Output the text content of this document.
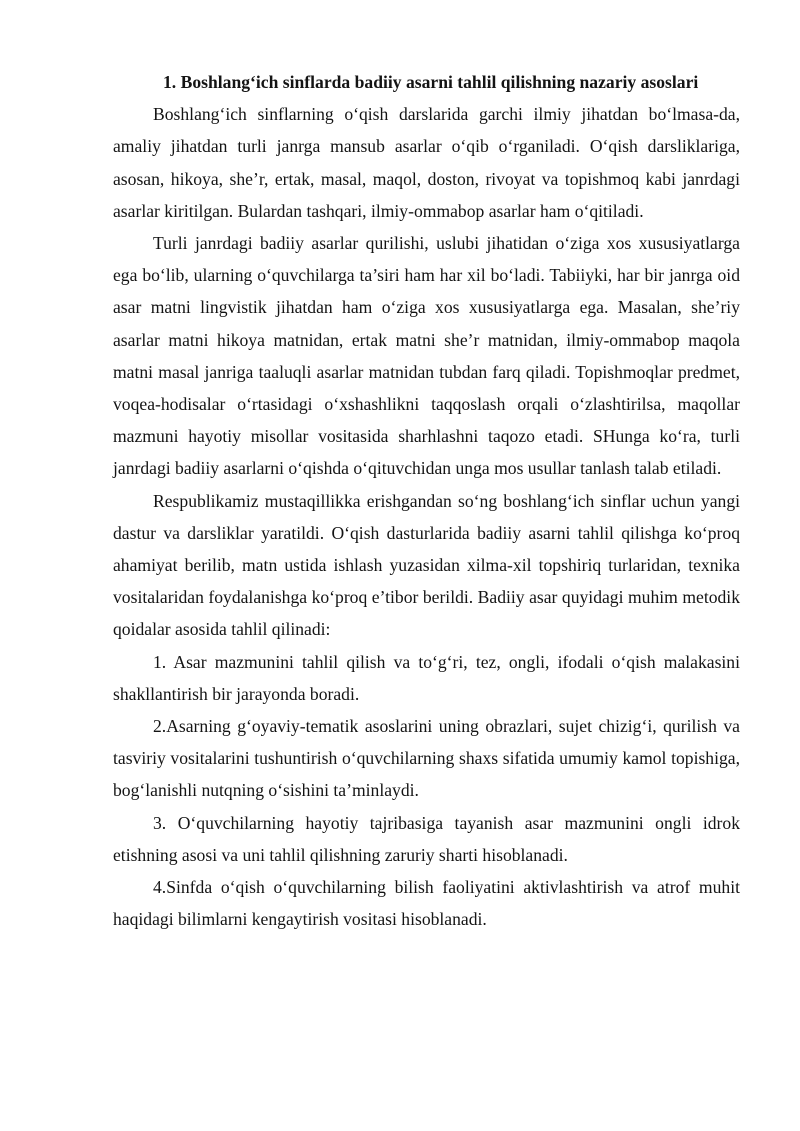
1. Boshlang‘ich sinflarda badiiy asarni tahlil qilishning nazariy asoslari

Boshlang‘ich sinflarning o‘qish darslarida garchi ilmiy jihatdan bo‘lmasa-da, amaliy jihatdan turli janrga mansub asarlar o‘qib o‘rganiladi. O‘qish darsliklariga, asosan, hikoya, she’r, ertak, masal, maqol, doston, rivoyat va topishmoq kabi janrdagi asarlar kiritilgan. Bulardan tashqari, ilmiy-ommabop asarlar ham o‘qitiladi.

Turli janrdagi badiiy asarlar qurilishi, uslubi jihatidan o‘ziga xos xususiyatlarga ega bo‘lib, ularning o‘quvchilarga ta’siri ham har xil bo‘ladi. Tabiiyki, har bir janrga oid asar matni lingvistik jihatdan ham o‘ziga xos xususiyatlarga ega. Masalan, she’riy asarlar matni hikoya matnidan, ertak matni she’r matnidan, ilmiy-ommabop maqola matni masal janriga taaluqli asarlar matnidan tubdan farq qiladi. Topishmoqlar predmet, voqea-hodisalar o‘rtasidagi o‘xshashlikni taqqoslash orqali o‘zlashtirilsa, maqollar mazmuni hayotiy misollar vositasida sharhlashni taqozo etadi. SHunga ko‘ra, turli janrdagi badiiy asarlarni o‘qishda o‘qituvchidan unga mos usullar tanlash talab etiladi.

Respublikamiz mustaqillikka erishgandan so‘ng boshlang‘ich sinflar uchun yangi dastur va darsliklar yaratildi. O‘qish dasturlarida badiiy asarni tahlil qilishga ko‘proq ahamiyat berilib, matn ustida ishlash yuzasidan xilma-xil topshiriq turlaridan, texnika vositalaridan foydalanishga ko‘proq e’tibor berildi. Badiiy asar quyidagi muhim metodik qoidalar asosida tahlil qilinadi:

1. Asar mazmunini tahlil qilish va to‘g‘ri, tez, ongli, ifodali o‘qish malakasini shakllantirish bir jarayonda boradi.

2.Asarning g‘oyaviy-tematik asoslarini uning obrazlari, sujet chizig‘i, qurilish va tasviriy vositalarini tushuntirish o‘quvchilarning shaxs sifatida umumiy kamol topishiga, bog‘lanishli nutqning o‘sishini ta’minlaydi.

3. O‘quvchilarning hayotiy tajribasiga tayanish asar mazmunini ongli idrok etishning asosi va uni tahlil qilishning zaruriy sharti hisoblanadi.

4.Sinfda o‘qish o‘quvchilarning bilish faoliyatini aktivlashtirish va atrof muhit haqidagi bilimlarni kengaytirish vositasi hisoblanadi.
